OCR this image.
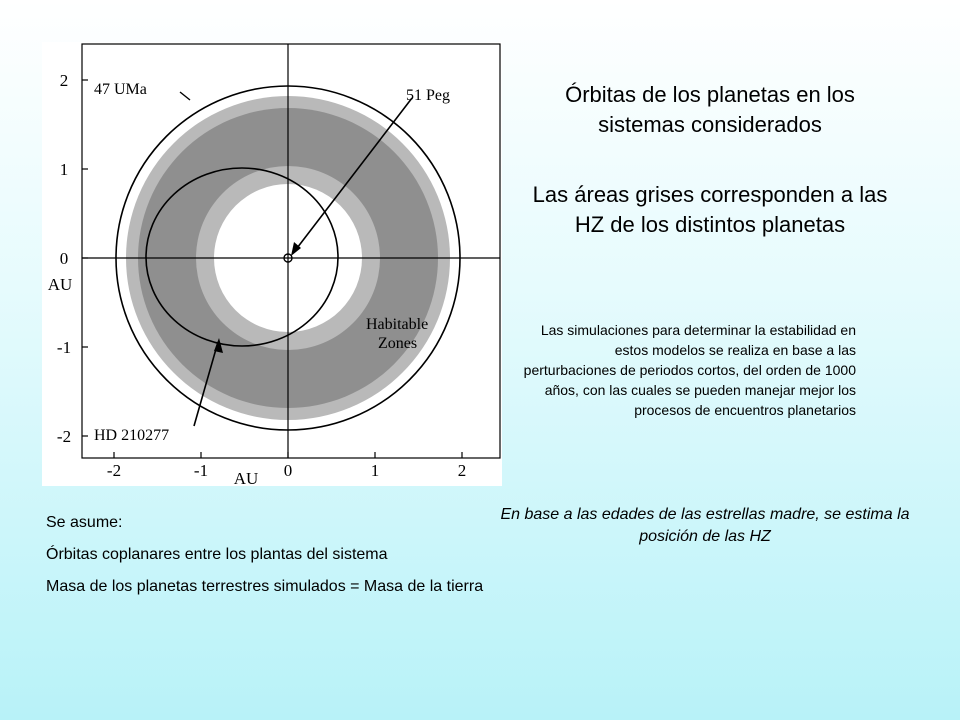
2
1
0
-1
-2
AU
-2	-1	0	1	2
AU
47 UMa	51 Peg
HD 210277
Habitable
Zones

Órbitas de los planetas en los sistemas considerados

Las áreas grises corresponden a las HZ de los distintos planetas

Las simulaciones para determinar la estabilidad en estos modelos se realiza en base a las perturbaciones de periodos cortos, del orden de 1000 años, con las cuales se pueden manejar mejor los procesos de encuentros planetarios

En base a las edades de las estrellas madre, se estima la posición de las HZ

Se asume:

Órbitas coplanares entre los plantas del sistema

Masa de los planetas terrestres simulados = Masa de la tierra
